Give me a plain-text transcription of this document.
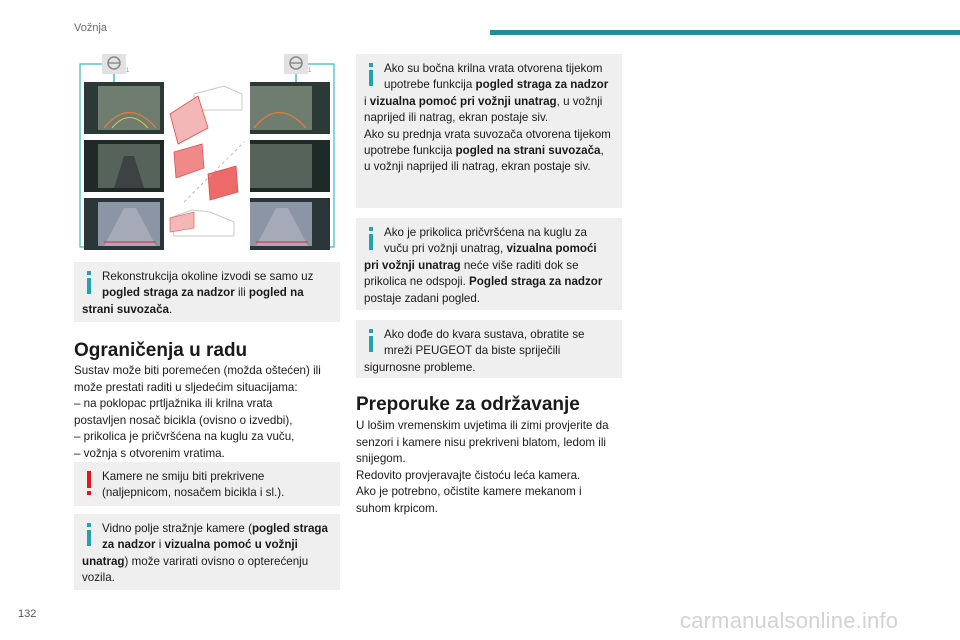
Vožnja
1	1
Rekonstrukcija okoline izvodi se samo uz pogled straga za nadzor ili pogled na strani suvozača.
Ograničenja u radu

Sustav može biti poremećen (možda oštećen) ili

može prestati raditi u sljedećim situacijama:

– na poklopac prtljažnika ili krilna vrata

postavljen nosač bicikla (ovisno o izvedbi),

– prikolica je pričvršćena na kuglu za vuču,

– vožnja s otvorenim vratima.

Kamere ne smiju biti prekrivene
(naljepnicom, nosačem bicikla i sl.).
Vidno polje stražnje kamere (pogled straga za nadzor i vizualna pomoć u vožnji unatrag) može varirati ovisno o opterećenju vozila.
Ako su bočna krilna vrata otvorena tijekom upotrebe funkcija pogled straga za nadzor i vizualna pomoć pri vožnji unatrag, u vožnji naprijed ili natrag, ekran postaje siv.
Ako su prednja vrata suvozača otvorena tijekom upotrebe funkcija pogled na strani suvozača, u vožnji naprijed ili natrag, ekran postaje siv.
Ako je prikolica pričvršćena na kuglu za vuču pri vožnji unatrag, vizualna pomoći pri vožnji unatrag neće više raditi dok se prikolica ne odspoji. Pogled straga za nadzor postaje zadani pogled.
Ako dođe do kvara sustava, obratite se mreži PEUGEOT da biste spriječili sigurnosne probleme.
Preporuke za održavanje

U lošim vremenskim uvjetima ili zimi provjerite da senzori i kamere nisu prekriveni blatom, ledom ili snijegom.

Redovito provjeravajte čistoću leća kamera.

Ako je potrebno, očistite kamere mekanom i suhom krpicom.

132	carmanualsonline.info
